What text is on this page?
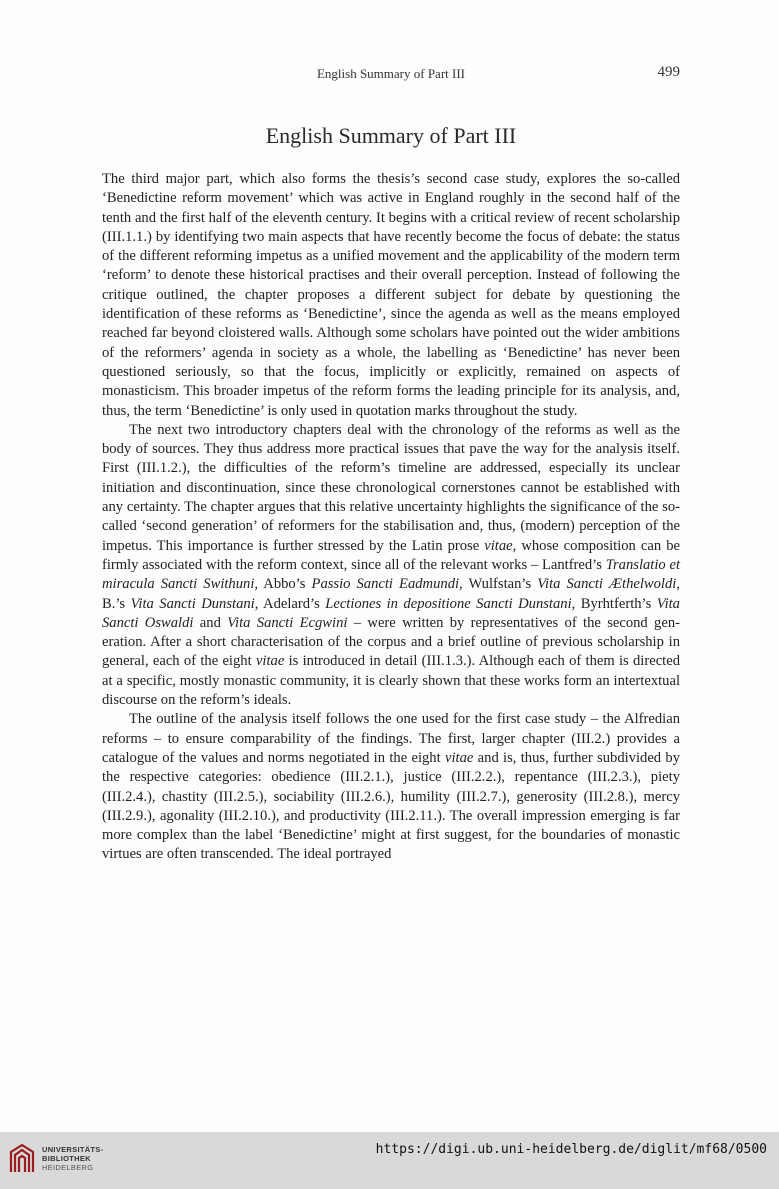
English Summary of Part III	499
English Summary of Part III

The third major part, which also forms the thesis’s second case study, explores the so-called ‘Benedictine reform movement’ which was active in England roughly in the second half of the tenth and the first half of the eleventh century. It begins with a critical review of recent scholarship (III.1.1.) by identifying two main aspects that have recently become the focus of debate: the status of the different reforming impetus as a unified movement and the applicability of the modern term ‘reform’ to denote these historical practises and their overall perception. Instead of following the critique outlined, the chapter proposes a different subject for debate by questioning the identification of these reforms as ‘Benedictine’, since the agenda as well as the means employed reached far beyond cloistered walls. Although some scholars have pointed out the wider ambitions of the reformers’ agenda in society as a whole, the labelling as ‘Benedictine’ has never been questioned seriously, so that the focus, implicitly or explicitly, remained on aspects of monasticism. This broader impetus of the reform forms the leading principle for its analysis, and, thus, the term ‘Benedictine’ is only used in quotation marks throughout the study.

The next two introductory chapters deal with the chronology of the reforms as well as the body of sources. They thus address more practical issues that pave the way for the analysis itself. First (III.1.2.), the difficulties of the reform’s timeline are addressed, especially its unclear initiation and discontinuation, since these chronological cornerstones cannot be established with any certainty. The chapter argues that this relative uncertainty highlights the significance of the so-called ‘second generation’ of reformers for the stabilisation and, thus, (modern) perception of the impetus. This importance is further stressed by the Latin prose vitae, whose composition can be firmly associated with the reform context, since all of the relevant works – Lantfred’s Translatio et miracula Sancti Swithuni, Abbo’s Passio Sancti Eadmundi, Wulfstan’s Vita Sancti Æthelwoldi, B.’s Vita Sancti Dunstani, Adelard’s Lectiones in depositione Sancti Dunstani, Byrhtferth’s Vita Sancti Oswaldi and Vita Sancti Ecgwini – were written by representatives of the second generation. After a short characterisation of the corpus and a brief outline of previous scholarship in general, each of the eight vitae is introduced in detail (III.1.3.). Although each of them is directed at a specific, mostly monastic community, it is clearly shown that these works form an intertextual discourse on the reform’s ideals.

The outline of the analysis itself follows the one used for the first case study – the Alfredian reforms – to ensure comparability of the findings. The first, larger chapter (III.2.) provides a catalogue of the values and norms negotiated in the eight vitae and is, thus, further subdivided by the respective categories: obedience (III.2.1.), justice (III.2.2.), repentance (III.2.3.), piety (III.2.4.), chastity (III.2.5.), sociability (III.2.6.), humility (III.2.7.), generosity (III.2.8.), mercy (III.2.9.), agonality (III.2.10.), and productivity (III.2.11.). The overall impression emerging is far more complex than the label ‘Benedictine’ might at first suggest, for the boundaries of monastic virtues are often transcended. The ideal portrayed

UNIVERSITÄTS-
BIBLIOTHEK
HEIDELBERG
https://digi.ub.uni-heidelberg.de/diglit/mf68/0500
